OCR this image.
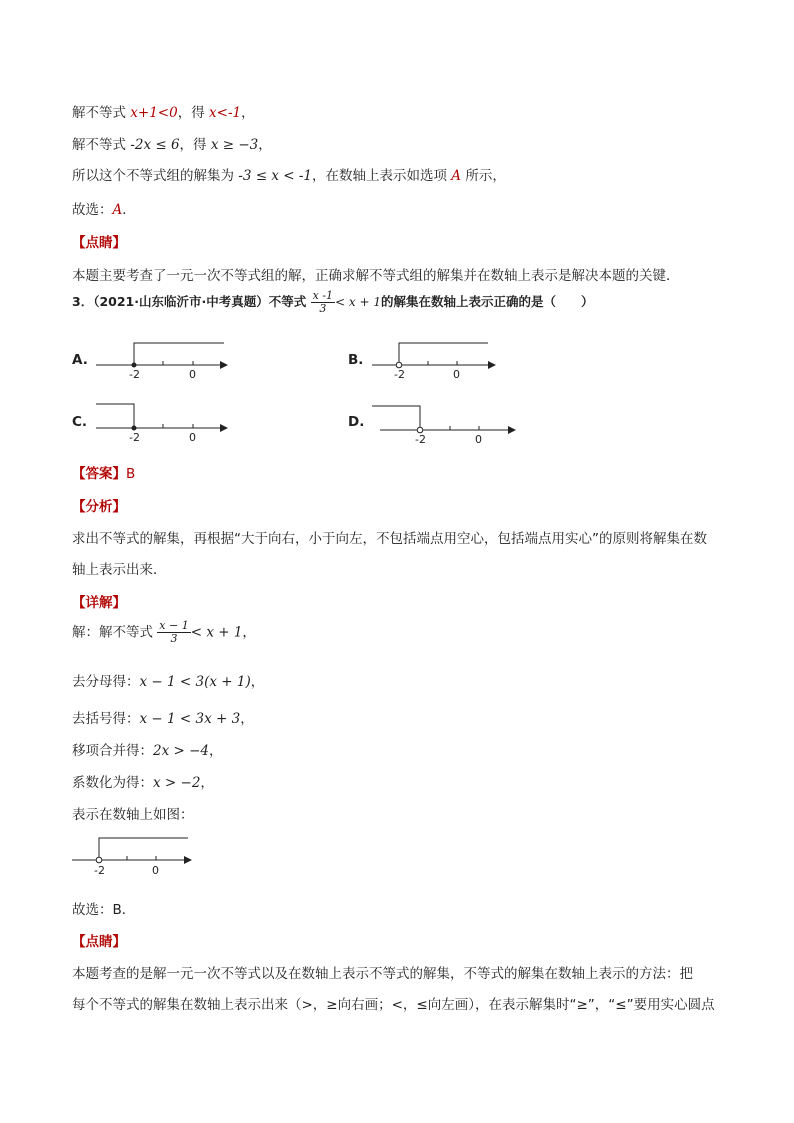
解不等式 x+1<0，得 x<-1，
解不等式 -2x ≤ 6，得 x ≥ −3，
所以这个不等式组的解集为 -3 ≤ x < -1，在数轴上表示如选项 A 所示，
故选：A．
【点睛】
本题主要考查了一元一次不等式组的解，正确求解不等式组的解集并在数轴上表示是解决本题的关键．
3．（2021·山东临沂市·中考真题）不等式 $\frac{x -1}{3} < x + 1$的解集在数轴上表示正确的是（　　）
A.
-2	0
B.
-2	0
C.
-2	0
D.
-2	0
【答案】B
【分析】
求出不等式的解集，再根据“大于向右，小于向左，不包括端点用空心，包括端点用实心”的原则将解集在数
轴上表示出来．
【详解】
解：解不等式 $\frac{x - 1}{3} < x + 1$，
去分母得：x − 1 < 3(x + 1)，
去括号得：x − 1 < 3x + 3，
移项合并得：2x > −4，
系数化为得：x > −2，
表示在数轴上如图：
-2	0
故选：B．
【点睛】
本题考查的是解一元一次不等式以及在数轴上表示不等式的解集，不等式的解集在数轴上表示的方法：把
每个不等式的解集在数轴上表示出来（>，≥向右画；<，≤向左画），在表示解集时“≥”，“≤”要用实心圆点
